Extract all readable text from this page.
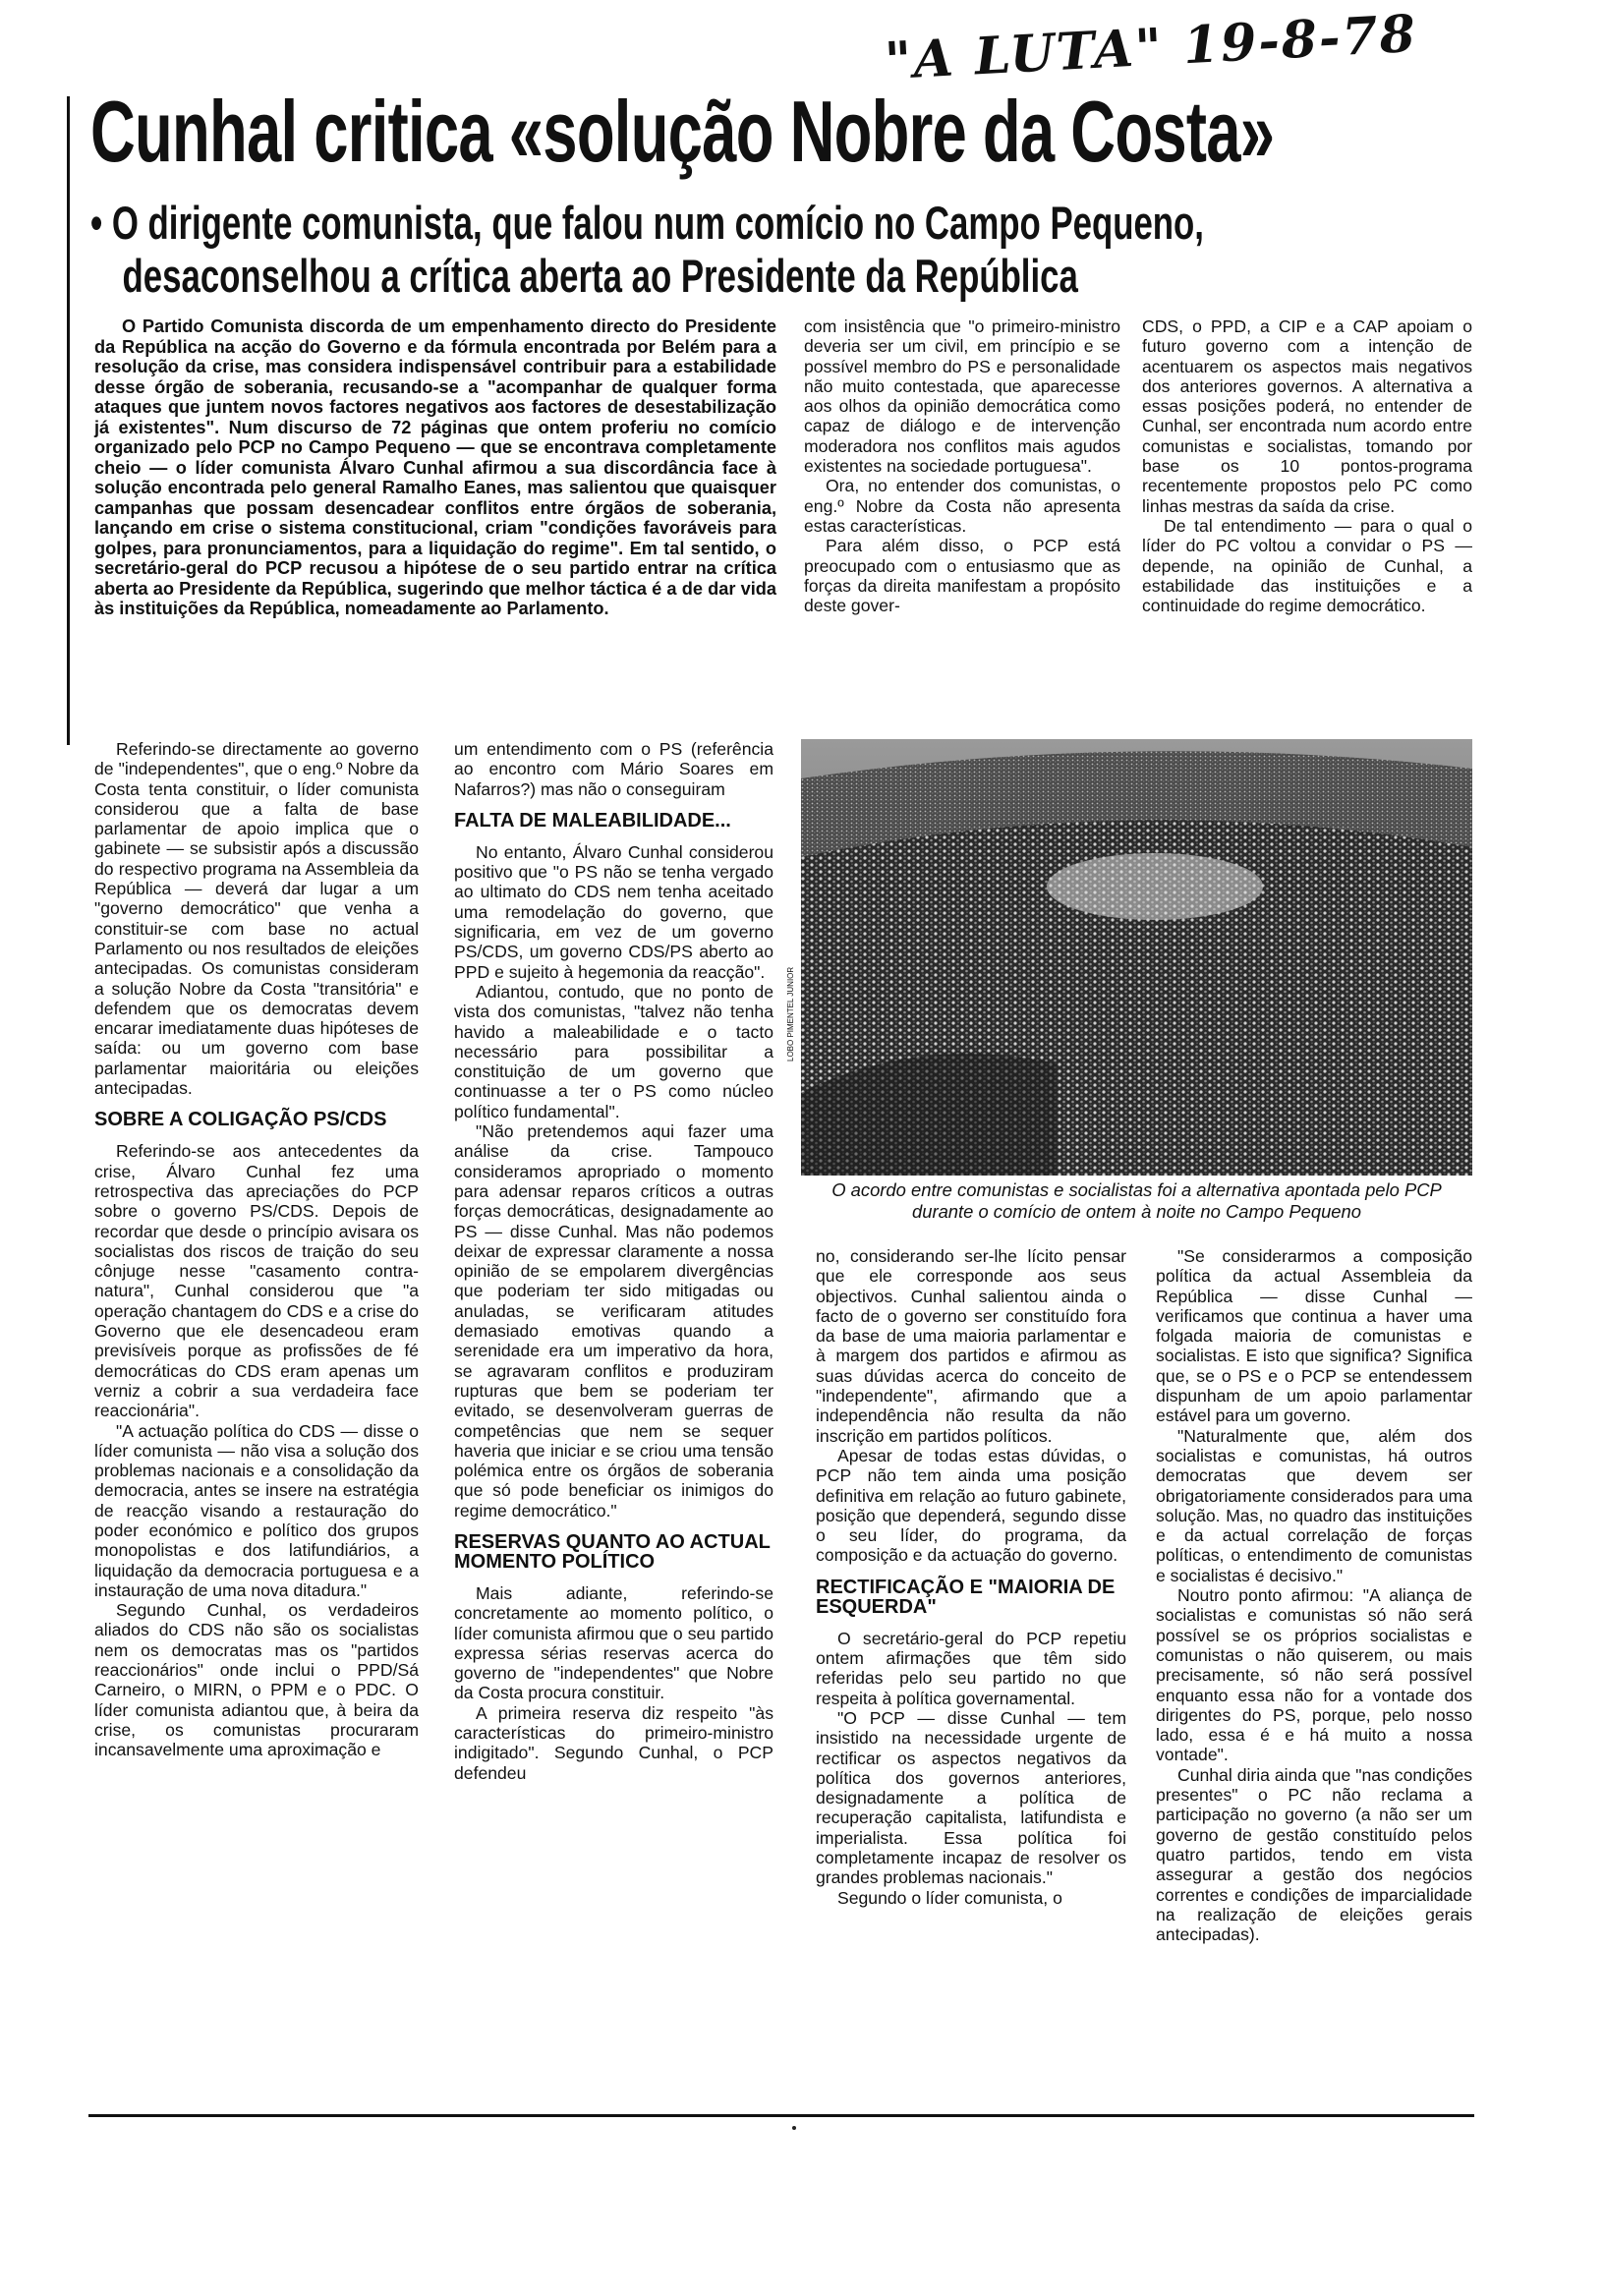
"A LUTA" 19-8-78
Cunhal critica «solução Nobre da Costa»
• O dirigente comunista, que falou num comício no Campo Pequeno,
desaconselhou a crítica aberta ao Presidente da República

O Partido Comunista discorda de um empenhamento directo do Presidente da República na acção do Governo e da fórmula encontrada por Belém para a resolução da crise, mas considera indispensável contribuir para a estabilidade desse órgão de soberania, recusando-se a "acompanhar de qualquer forma ataques que juntem novos factores negativos aos factores de desestabilização já existentes". Num discurso de 72 páginas que ontem proferiu no comício organizado pelo PCP no Campo Pequeno — que se encontrava completamente cheio — o líder comunista Álvaro Cunhal afirmou a sua discordância face à solução encontrada pelo general Ramalho Eanes, mas salientou que quaisquer campanhas que possam desencadear conflitos entre órgãos de soberania, lançando em crise o sistema constitucional, criam "condições favoráveis para golpes, para pronunciamentos, para a liquidação do regime". Em tal sentido, o secretário-geral do PCP recusou a hipótese de o seu partido entrar na crítica aberta ao Presidente da República, sugerindo que melhor táctica é a de dar vida às instituições da República, nomeadamente ao Parlamento.

com insistência que "o primeiro-ministro deveria ser um civil, em princípio e se possível membro do PS e personalidade não muito contestada, que aparecesse aos olhos da opinião democrática como capaz de diálogo e de intervenção moderadora nos conflitos mais agudos existentes na sociedade portuguesa".

Ora, no entender dos comunistas, o eng.º Nobre da Costa não apresenta estas características.

Para além disso, o PCP está preocupado com o entusiasmo que as forças da direita manifestam a propósito deste gover-

CDS, o PPD, a CIP e a CAP apoiam o futuro governo com a intenção de acentuarem os aspectos mais negativos dos anteriores governos. A alternativa a essas posições poderá, no entender de Cunhal, ser encontrada num acordo entre comunistas e socialistas, tomando por base os 10 pontos-programa recentemente propostos pelo PC como linhas mestras da saída da crise.

De tal entendimento — para o qual o líder do PC voltou a convidar o PS — depende, na opinião de Cunhal, a estabilidade das instituições e a continuidade do regime democrático.

Referindo-se directamente ao governo de "independentes", que o eng.º Nobre da Costa tenta constituir, o líder comunista considerou que a falta de base parlamentar de apoio implica que o gabinete — se subsistir após a discussão do respectivo programa na Assembleia da República — deverá dar lugar a um "governo democrático" que venha a constituir-se com base no actual Parlamento ou nos resultados de eleições antecipadas. Os comunistas consideram a solução Nobre da Costa "transitória" e defendem que os democratas devem encarar imediatamente duas hipóteses de saída: ou um governo com base parlamentar maioritária ou eleições antecipadas.

SOBRE A COLIGAÇÃO PS/CDS

Referindo-se aos antecedentes da crise, Álvaro Cunhal fez uma retrospectiva das apreciações do PCP sobre o governo PS/CDS. Depois de recordar que desde o princípio avisara os socialistas dos riscos de traição do seu cônjuge nesse "casamento contra-natura", Cunhal considerou que "a operação chantagem do CDS e a crise do Governo que ele desencadeou eram previsíveis porque as profissões de fé democráticas do CDS eram apenas um verniz a cobrir a sua verdadeira face reaccionária".

"A actuação política do CDS — disse o líder comunista — não visa a solução dos problemas nacionais e a consolidação da democracia, antes se insere na estratégia de reacção visando a restauração do poder económico e político dos grupos monopolistas e dos latifundiários, a liquidação da democracia portuguesa e a instauração de uma nova ditadura."

Segundo Cunhal, os verdadeiros aliados do CDS não são os socialistas nem os democratas mas os "partidos reaccionários" onde inclui o PPD/Sá Carneiro, o MIRN, o PPM e o PDC. O líder comunista adiantou que, à beira da crise, os comunistas procuraram incansavelmente uma aproximação e

um entendimento com o PS (referência ao encontro com Mário Soares em Nafarros?) mas não o conseguiram

FALTA DE MALEABILIDADE...

No entanto, Álvaro Cunhal considerou positivo que "o PS não se tenha vergado ao ultimato do CDS nem tenha aceitado uma remodelação do governo, que significaria, em vez de um governo PS/CDS, um governo CDS/PS aberto ao PPD e sujeito à hegemonia da reacção".

Adiantou, contudo, que no ponto de vista dos comunistas, "talvez não tenha havido a maleabilidade e o tacto necessário para possibilitar a constituição de um governo que continuasse a ter o PS como núcleo político fundamental".

"Não pretendemos aqui fazer uma análise da crise. Tampouco consideramos apropriado o momento para adensar reparos críticos a outras forças democráticas, designadamente ao PS — disse Cunhal. Mas não podemos deixar de expressar claramente a nossa opinião de se empolarem divergências que poderiam ter sido mitigadas ou anuladas, se verificaram atitudes demasiado emotivas quando a serenidade era um imperativo da hora, se agravaram conflitos e produziram rupturas que bem se poderiam ter evitado, se desenvolveram guerras de competências que nem se sequer haveria que iniciar e se criou uma tensão polémica entre os órgãos de soberania que só pode beneficiar os inimigos do regime democrático."

RESERVAS QUANTO AO ACTUAL MOMENTO POLÍTICO

Mais adiante, referindo-se concretamente ao momento político, o líder comunista afirmou que o seu partido expressa sérias reservas acerca do governo de "independentes" que Nobre da Costa procura constituir.

A primeira reserva diz respeito "às características do primeiro-ministro indigitado". Segundo Cunhal, o PCP defendeu

LOBO PIMENTEL JUNIOR

O acordo entre comunistas e socialistas foi a alternativa apontada pelo PCP durante o comício de ontem à noite no Campo Pequeno

no, considerando ser-lhe lícito pensar que ele corresponde aos seus objectivos. Cunhal salientou ainda o facto de o governo ser constituído fora da base de uma maioria parlamentar e à margem dos partidos e afirmou as suas dúvidas acerca do conceito de "independente", afirmando que a independência não resulta da não inscrição em partidos políticos.

Apesar de todas estas dúvidas, o PCP não tem ainda uma posição definitiva em relação ao futuro gabinete, posição que dependerá, segundo disse o seu líder, do programa, da composição e da actuação do governo.

RECTIFICAÇÃO E "MAIORIA DE ESQUERDA"

O secretário-geral do PCP repetiu ontem afirmações que têm sido referidas pelo seu partido no que respeita à política governamental.

"O PCP — disse Cunhal — tem insistido na necessidade urgente de rectificar os aspectos negativos da política dos governos anteriores, designadamente a política de recuperação capitalista, latifundista e imperialista. Essa política foi completamente incapaz de resolver os grandes problemas nacionais."

Segundo o líder comunista, o

"Se considerarmos a composição política da actual Assembleia da República — disse Cunhal — verificamos que continua a haver uma folgada maioria de comunistas e socialistas. E isto que significa? Significa que, se o PS e o PCP se entendessem dispunham de um apoio parlamentar estável para um governo.

"Naturalmente que, além dos socialistas e comunistas, há outros democratas que devem ser obrigatoriamente considerados para uma solução. Mas, no quadro das instituições e da actual correlação de forças políticas, o entendimento de comunistas e socialistas é decisivo."

Noutro ponto afirmou: "A aliança de socialistas e comunistas só não será possível se os próprios socialistas e comunistas o não quiserem, ou mais precisamente, só não será possível enquanto essa não for a vontade dos dirigentes do PS, porque, pelo nosso lado, essa é e há muito a nossa vontade".

Cunhal diria ainda que "nas condições presentes" o PC não reclama a participação no governo (a não ser um governo de gestão constituído pelos quatro partidos, tendo em vista assegurar a gestão dos negócios correntes e condições de imparcialidade na realização de eleições gerais antecipadas).
